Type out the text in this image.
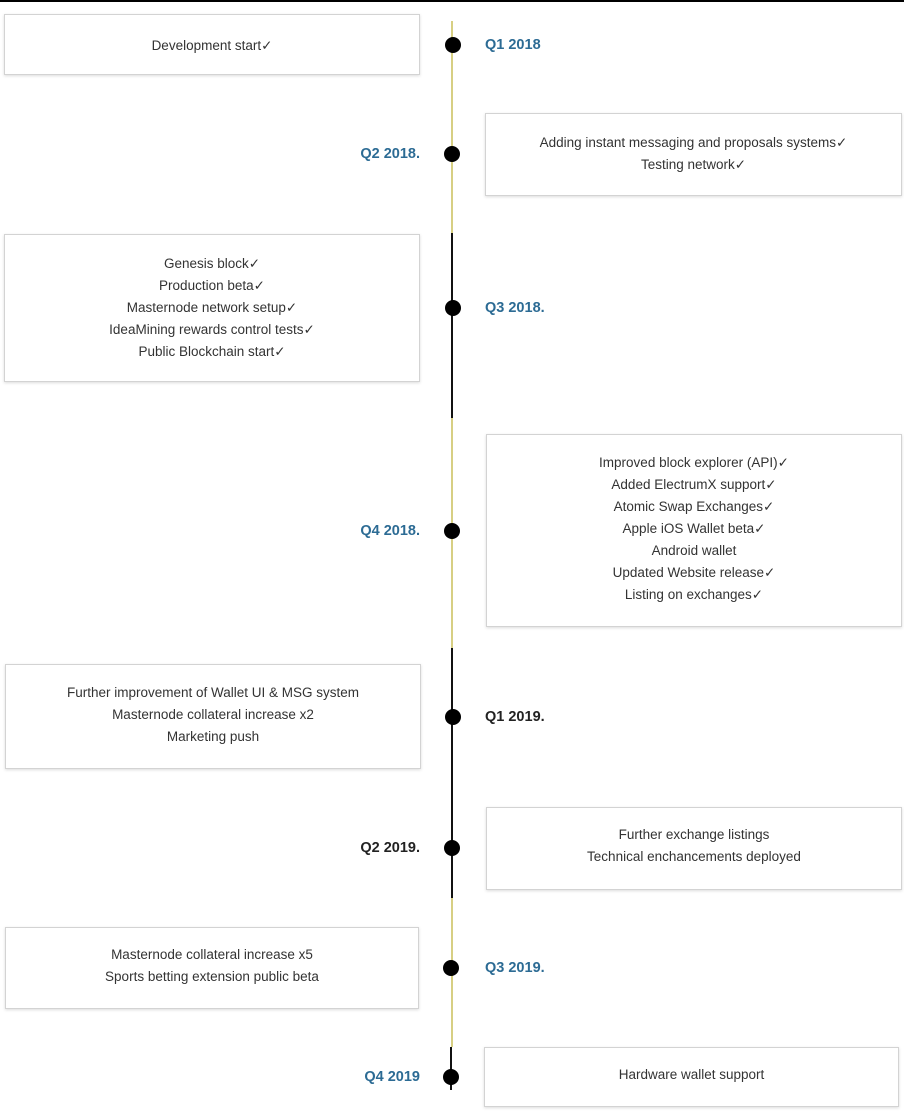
Development start✓	Q1 2018
Adding instant messaging and proposals systems✓
Testing network✓
Q2 2018.
Genesis block✓
Production beta✓
Masternode network setup✓
IdeaMining rewards control tests✓
Public Blockchain start✓
Q3 2018.
Improved block explorer (API)✓
Added ElectrumX support✓
Atomic Swap Exchanges✓
Apple iOS Wallet beta✓
Android wallet
Updated Website release✓
Listing on exchanges✓
Q4 2018.
Further improvement of Wallet UI & MSG system
Masternode collateral increase x2
Marketing push
Q1 2019.
Further exchange listings
Technical enchancements deployed
Q2 2019.
Masternode collateral increase x5
Sports betting extension public beta
Q3 2019.
Hardware wallet support
Q4 2019
